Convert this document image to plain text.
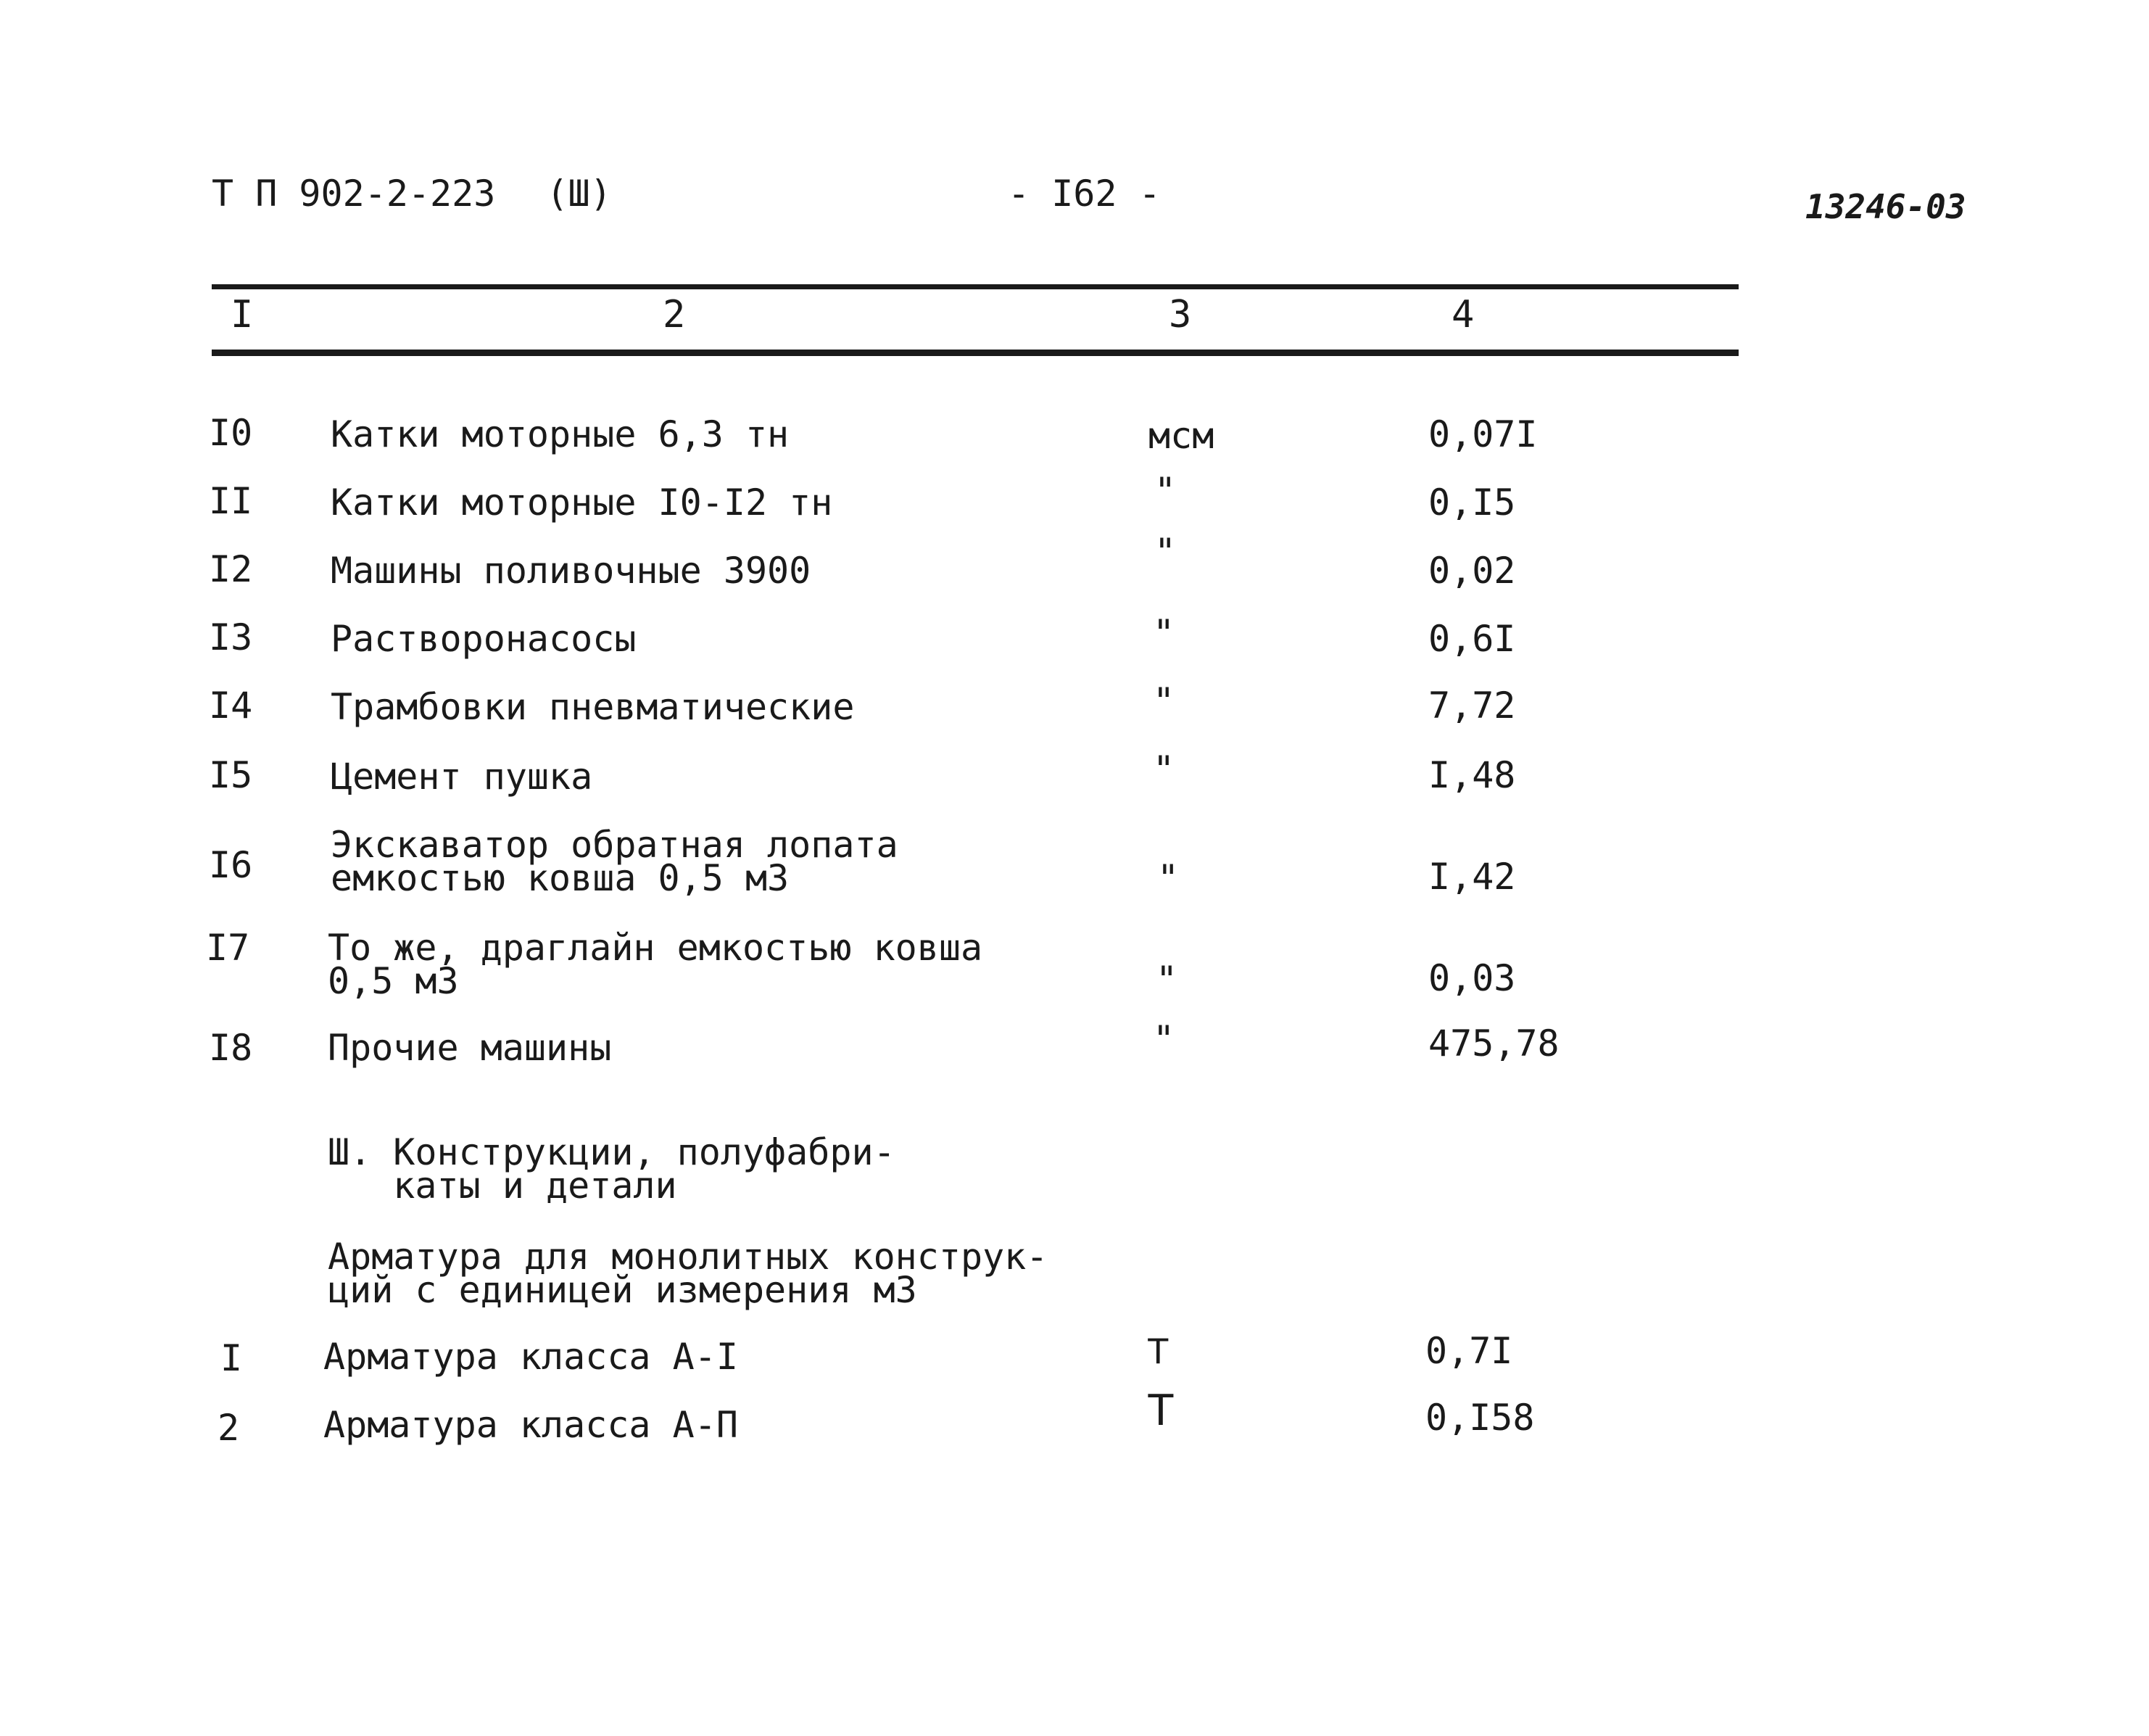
Т П 902-2-223 (Ш)	- I62 -	13246-03
I	2	3	4
I0 Катки моторные 6,3 тн	мсм	0,07I
II Катки моторные I0-I2 тн	"	0,I5
I2 Машины поливочные 3900	"	0,02
I3 Растворонасосы	"	0,6I
I4 Трамбовки пневматические	"	7,72
I5 Цемент пушка	"	I,48
I6 Экскаватор обратная лопата
емкостью ковша 0,5 м3	"	I,42
I7 То же, драглайн емкостью ковша
0,5 м3	"	0,03
I8 Прочие машины	"	475,78
Ш. Конструкции, полуфабри-
каты и детали
Арматура для монолитных конструк-
ций с единицей измерения м3
I Арматура класса А-I	Т	0,7I
2 Арматура класса А-П	Т	0,I58
